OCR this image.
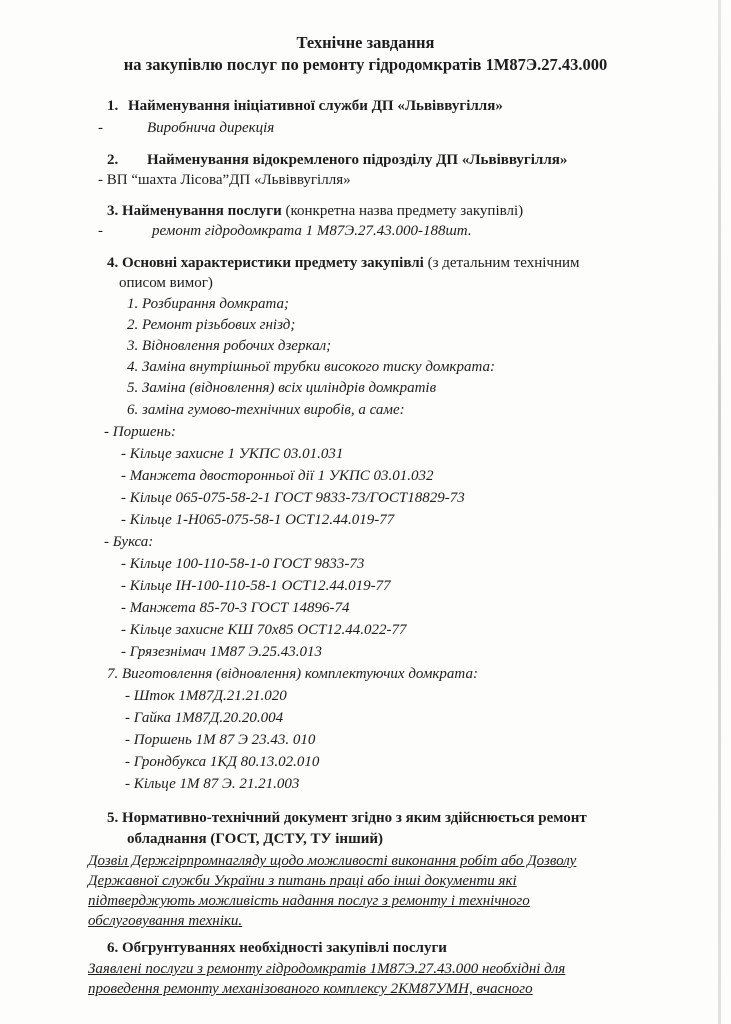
Технічне завдання
на закупівлю послуг по ремонту гідродомкратів 1М87Э.27.43.000
1. Найменування ініціативної служби ДП «Львіввугілля»
-	Виробнича дирекція
2. Найменування відокремленого підрозділу ДП «Львіввугілля»
- ВП “шахта Лісова”ДП «Львіввугілля»
3. Найменування послуги (конкретна назва предмету закупівлі)
-	ремонт гідродомкрата 1 М87Э.27.43.000-188шт.
4. Основні характеристики предмету закупівлі (з детальним технічним
описом вимог)
1. Розбирання домкрата;
2. Ремонт різьбових гнізд;
3. Відновлення робочих дзеркал;
4. Заміна внутрішньої трубки високого тиску домкрата:
5. Заміна (відновлення) всіх циліндрів домкратів
6. заміна гумово-технічних виробів, а саме:
- Поршень:
- Кільце захисне 1 УКПС 03.01.031
- Манжета двосторонньої дії 1 УКПС 03.01.032
- Кільце 065-075-58-2-1 ГОСТ 9833-73/ГОСТ18829-73
- Кільце 1-Н065-075-58-1 ОСТ12.44.019-77
- Букса:
- Кільце 100-110-58-1-0 ГОСТ 9833-73
- Кільце ІН-100-110-58-1 ОСТ12.44.019-77
- Манжета 85-70-3 ГОСТ 14896-74
- Кільце захисне КШ 70х85 ОСТ12.44.022-77
- Грязезнімач 1М87 Э.25.43.013
7. Виготовлення (відновлення) комплектуючих домкрата:
- Шток 1М87Д.21.21.020
- Гайка 1М87Д.20.20.004
- Поршень 1М 87 Э 23.43. 010
- Грондбукса 1КД 80.13.02.010
- Кільце 1М 87 Э. 21.21.003
5. Нормативно-технічний документ згідно з яким здійснюється ремонт
обладнання (ГОСТ, ДСТУ, ТУ інший)
Дозвіл Держгірпромнагляду щодо можливості виконання робіт або Дозволу
Державної служби України з питань праці або інші документи які
підтверджують можливість надання послуг з ремонту і технічного
обслуговування техніки.
6. Обгрунтуваннях необхідності закупівлі послуги
Заявлені послуги з ремонту гідродомкратів 1М87Э.27.43.000 необхідні для
проведення ремонту механізованого комплексу 2КМ87УМН, вчасного
